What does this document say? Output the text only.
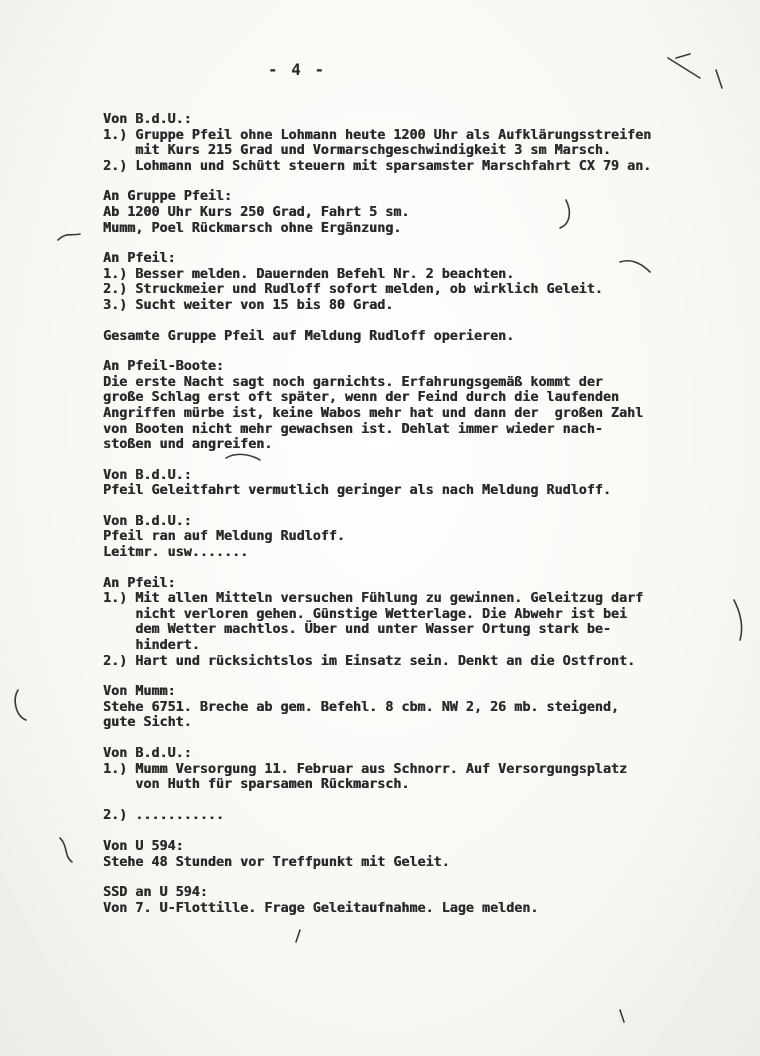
- 4 -
Von B.d.U.:
1.) Gruppe Pfeil ohne Lohmann heute 1200 Uhr als Aufklärungsstreifen
mit Kurs 215 Grad und Vormarschgeschwindigkeit 3 sm Marsch.
2.) Lohmann und Schütt steuern mit sparsamster Marschfahrt CX 79 an.
An Gruppe Pfeil:
Ab 1200 Uhr Kurs 250 Grad, Fahrt 5 sm.
Mumm, Poel Rückmarsch ohne Ergänzung.
An Pfeil:
1.) Besser melden. Dauernden Befehl Nr. 2 beachten.
2.) Struckmeier und Rudloff sofort melden, ob wirklich Geleit.
3.) Sucht weiter von 15 bis 80 Grad.
Gesamte Gruppe Pfeil auf Meldung Rudloff operieren.
An Pfeil-Boote:
Die erste Nacht sagt noch garnichts. Erfahrungsgemäß kommt der
große Schlag erst oft später, wenn der Feind durch die laufenden
Angriffen mürbe ist, keine Wabos mehr hat und dann der  großen Zahl
von Booten nicht mehr gewachsen ist. Dehlat immer wieder nach-
stoßen und angreifen.
Von B.d.U.:
Pfeil Geleitfahrt vermutlich geringer als nach Meldung Rudloff.
Von B.d.U.:
Pfeil ran auf Meldung Rudloff.
Leitmr. usw.......
An Pfeil:
1.) Mit allen Mitteln versuchen Fühlung zu gewinnen. Geleitzug darf
nicht verloren gehen. Günstige Wetterlage. Die Abwehr ist bei
dem Wetter machtlos. Über und unter Wasser Ortung stark be-
hindert.
2.) Hart und rücksichtslos im Einsatz sein. Denkt an die Ostfront.
Von Mumm:
Stehe 6751. Breche ab gem. Befehl. 8 cbm. NW 2, 26 mb. steigend,
gute Sicht.
Von B.d.U.:
1.) Mumm Versorgung 11. Februar aus Schnorr. Auf Versorgungsplatz
von Huth für sparsamen Rückmarsch.

2.) ...........
Von U 594:
Stehe 48 Stunden vor Treffpunkt mit Geleit.
SSD an U 594:
Von 7. U-Flottille. Frage Geleitaufnahme. Lage melden.
